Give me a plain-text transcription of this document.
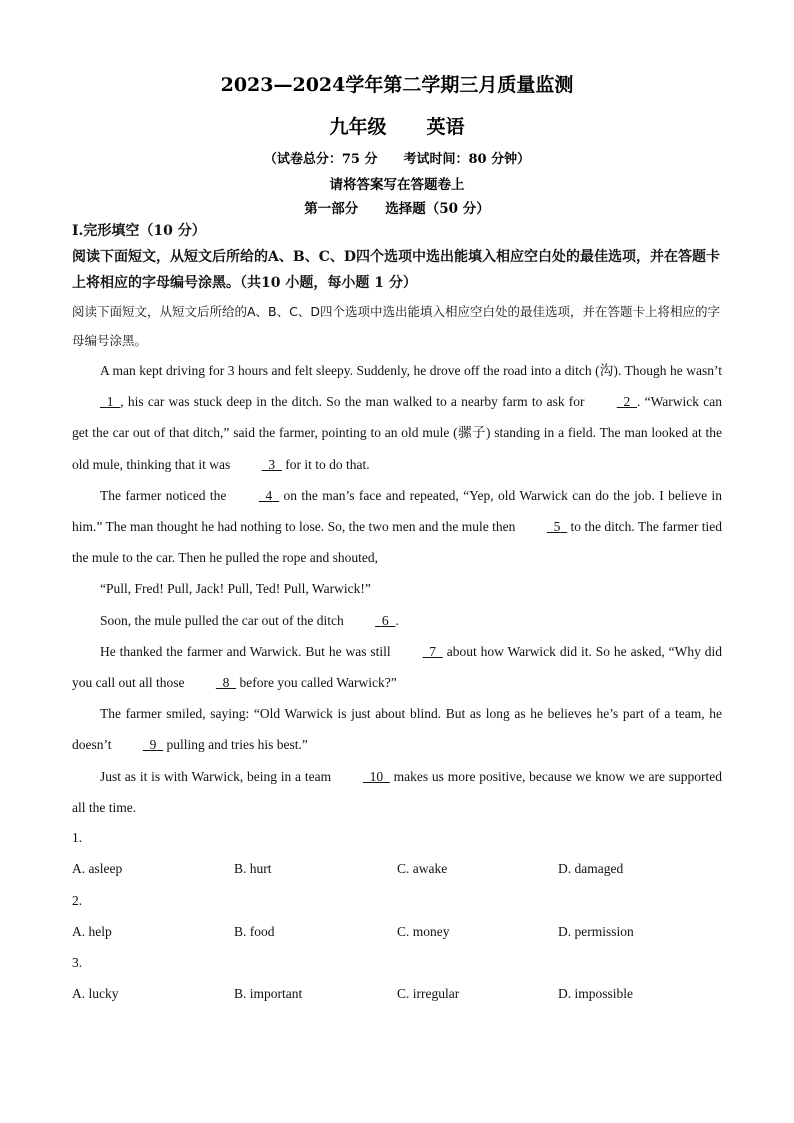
2023—2024学年第二学期三月质量监测
九年级 英语
（试卷总分：75 分　　考试时间：80 分钟）
请将答案写在答题卷上
第一部分　　选择题（50 分）
I.完形填空（10 分）
阅读下面短文，从短文后所给的A、B、C、D四个选项中选出能填入相应空白处的最佳选项，并在答题卡上将相应的字母编号涂黑。（共10 小题，每小题 1 分）
阅读下面短文，从短文后所给的A、B、C、D四个选项中选出能填入相应空白处的最佳选项，并在答题卡上将相应的字母编号涂黑。

A man kept driving for 3 hours and felt sleepy. Suddenly, he drove off the road into a ditch (沟). Though he wasn’t   1 , his car was stuck deep in the ditch. So the man walked to a nearby farm to ask for	2 . “Warwick can get the car out of that ditch,” said the farmer, pointing to an old mule (骡子) standing in a field. The man looked at the old mule, thinking that it was	3   for it to do that.

The farmer noticed the	4   on the man’s face and repeated, “Yep, old Warwick can do the job. I believe in him.” The man thought he had nothing to lose. So, the two men and the mule then	5   to the ditch. The farmer tied the mule to the car. Then he pulled the rope and shouted,

“Pull, Fred! Pull, Jack! Pull, Ted! Pull, Warwick!”

Soon, the mule pulled the car out of the ditch	6 .

He thanked the farmer and Warwick. But he was still	7   about how Warwick did it. So he asked, “Why did you call out all those	8   before you called Warwick?”

The farmer smiled, saying: “Old Warwick is just about blind. But as long as he believes he’s part of a team, he doesn’t	9   pulling and tries his best.”

Just as it is with Warwick, being in a team	10   makes us more positive, because we know we are supported all the time.

1.
A. asleep	B. hurt	C. awake	D. damaged
2.
A. help	B. food	C. money	D. permission
3.
A. lucky	B. important	C. irregular	D. impossible
